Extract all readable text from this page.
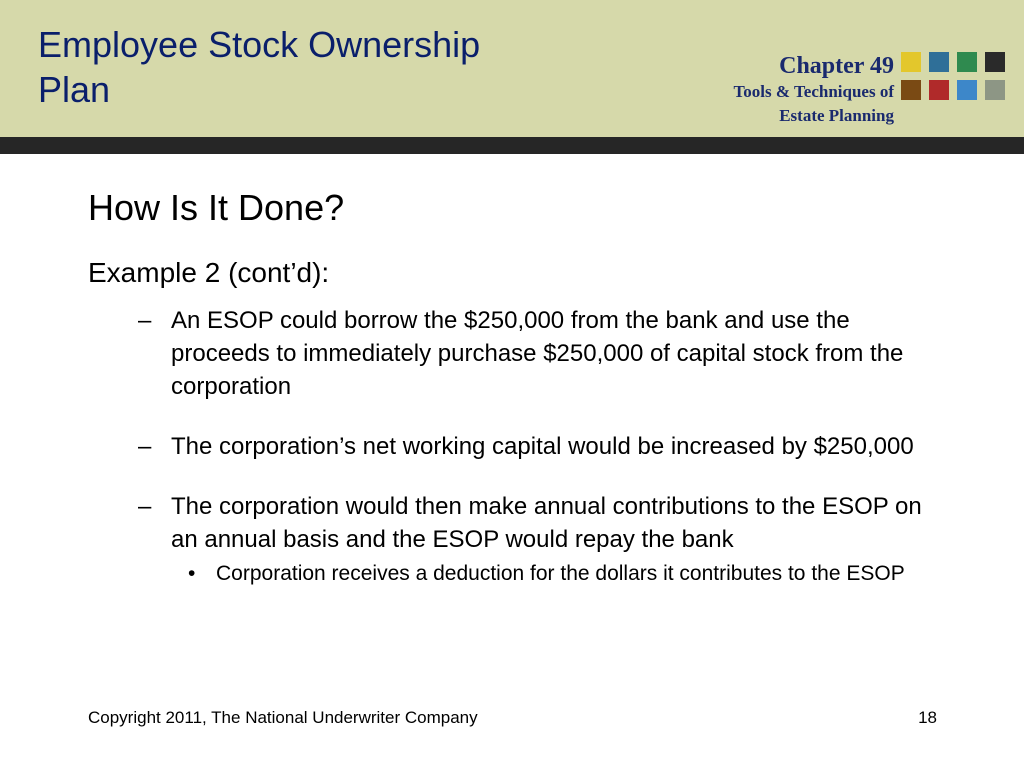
Employee Stock Ownership
Plan
Chapter 49
Tools & Techniques of
Estate Planning
How Is It Done?
Example 2 (cont’d):
– An ESOP could borrow the $250,000 from the bank and use the proceeds to immediately purchase $250,000 of capital stock from the corporation
– The corporation’s net working capital would be increased by $250,000
– The corporation would then make annual contributions to the ESOP on an annual basis and the ESOP would repay the bank
• Corporation receives a deduction for the dollars it contributes to the ESOP
Copyright 2011, The National Underwriter Company	18
